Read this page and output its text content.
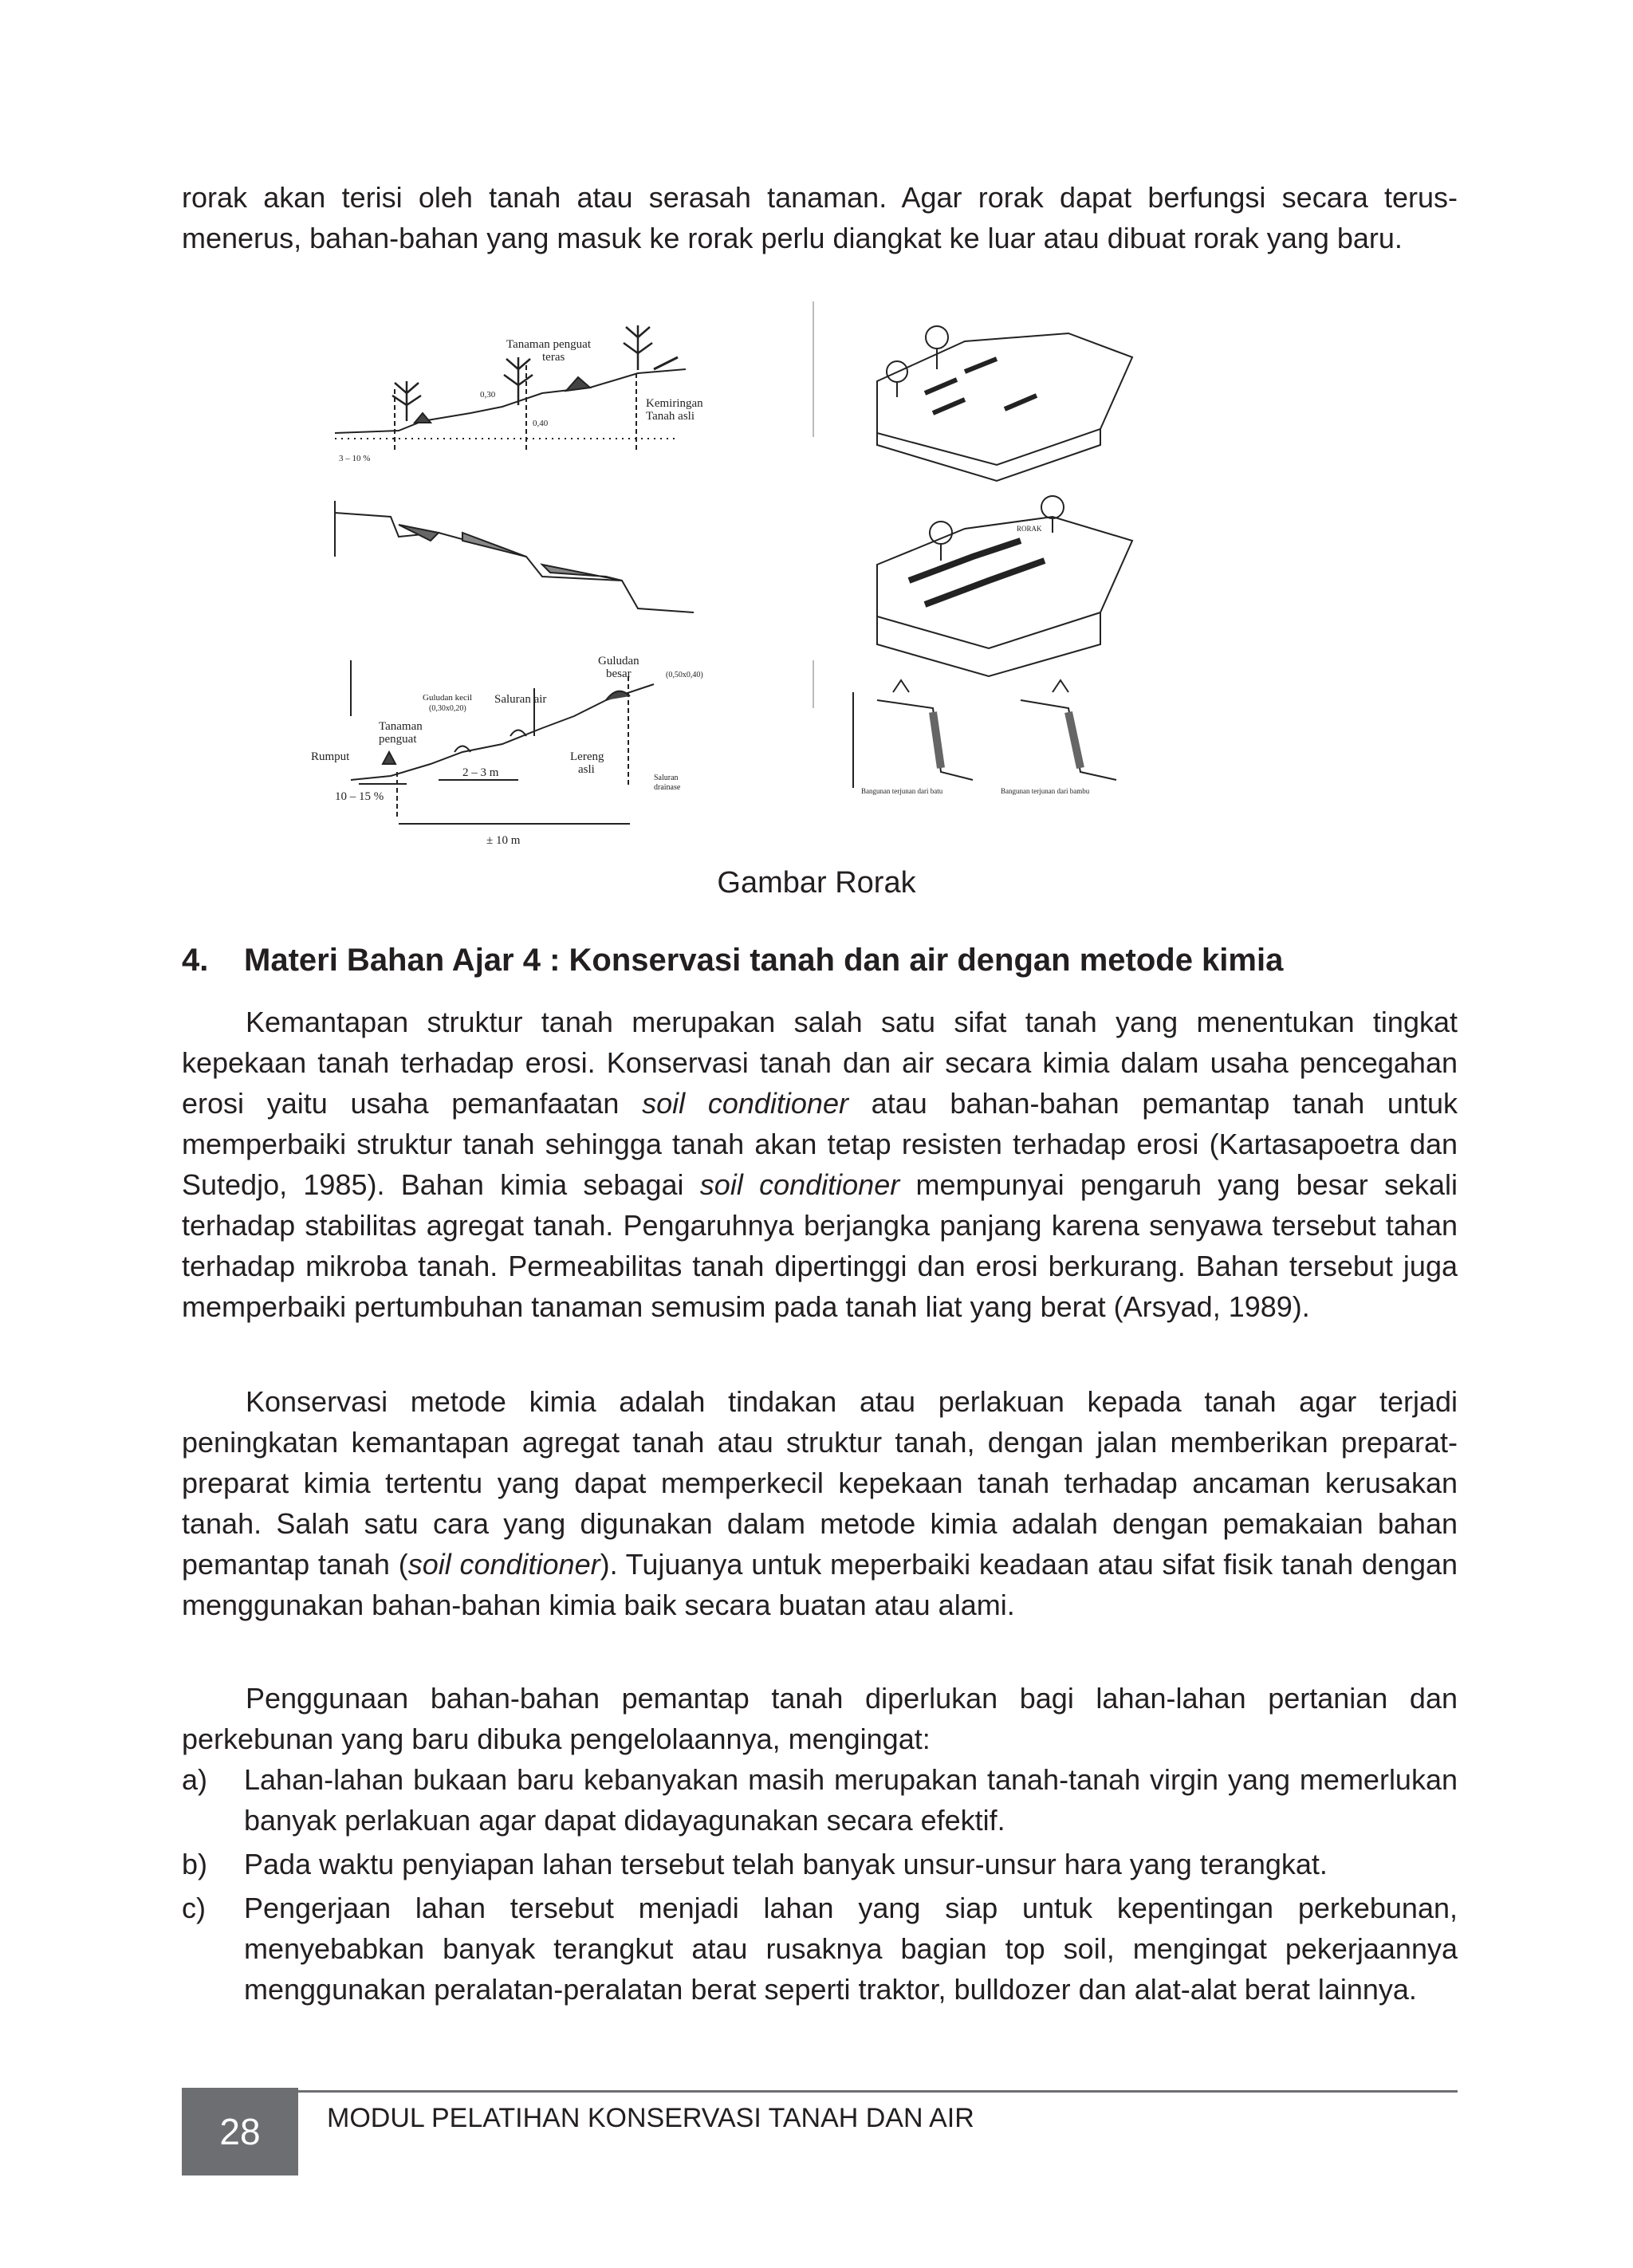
rorak akan terisi oleh tanah atau serasah tanaman. Agar rorak dapat berfungsi secara terus-menerus, bahan-bahan yang masuk ke rorak perlu diangkat ke luar atau dibuat rorak yang baru.

Tanaman penguat
teras
Kemiringan
Tanah asli
0,30
0,40
3 – 10 %
Guludan
besar	(0,50x0,40)
Guludan kecil
(0,30x0,20)
Saluran air
Tanaman
penguat
Rumput	Lereng
asli
Saluran
drainase
10 – 15 %
2 – 3 m
± 10 m
RORAK
Bangunan terjunan dari batu	Bangunan terjunan dari bambu
Gambar Rorak
4. Materi Bahan Ajar 4 : Konservasi tanah dan air dengan metode kimia

Kemantapan struktur tanah merupakan salah satu sifat tanah yang menentukan tingkat kepekaan tanah terhadap erosi. Konservasi tanah dan air secara kimia dalam usaha pencegahan erosi yaitu usaha pemanfaatan soil conditioner atau bahan-bahan pemantap tanah untuk memperbaiki struktur tanah sehingga tanah akan tetap resisten terhadap erosi (Kartasapoetra dan Sutedjo, 1985). Bahan kimia sebagai soil conditioner mempunyai pengaruh yang besar sekali terhadap stabilitas agregat tanah. Pengaruhnya berjangka panjang karena senyawa tersebut tahan terhadap mikroba tanah. Permeabilitas tanah dipertinggi dan erosi berkurang. Bahan tersebut juga memperbaiki pertumbuhan tanaman semusim pada tanah liat yang berat (Arsyad, 1989).

Konservasi metode kimia adalah tindakan atau perlakuan kepada tanah agar terjadi peningkatan kemantapan agregat tanah atau struktur tanah, dengan jalan memberikan preparat-preparat kimia tertentu yang dapat memperkecil kepekaan tanah terhadap ancaman kerusakan tanah. Salah satu cara yang digunakan dalam metode kimia adalah dengan pemakaian bahan pemantap tanah (soil conditioner). Tujuanya untuk meperbaiki keadaan atau sifat fisik tanah dengan menggunakan bahan-bahan kimia baik secara buatan atau alami.

Penggunaan bahan-bahan pemantap tanah diperlukan bagi lahan-lahan pertanian dan perkebunan yang baru dibuka pengelolaannya, mengingat:

a) Lahan-lahan bukaan baru kebanyakan masih merupakan tanah-tanah virgin yang memerlukan banyak perlakuan agar dapat didayagunakan secara efektif.
b) Pada waktu penyiapan lahan tersebut telah banyak unsur-unsur hara yang terangkat.
c) Pengerjaan lahan tersebut menjadi lahan yang siap untuk kepentingan perkebunan, menyebabkan banyak terangkut atau rusaknya bagian top soil, mengingat pekerjaannya menggunakan peralatan-peralatan berat seperti traktor, bulldozer dan alat-alat berat lainnya.
28	MODUL PELATIHAN KONSERVASI TANAH DAN AIR
